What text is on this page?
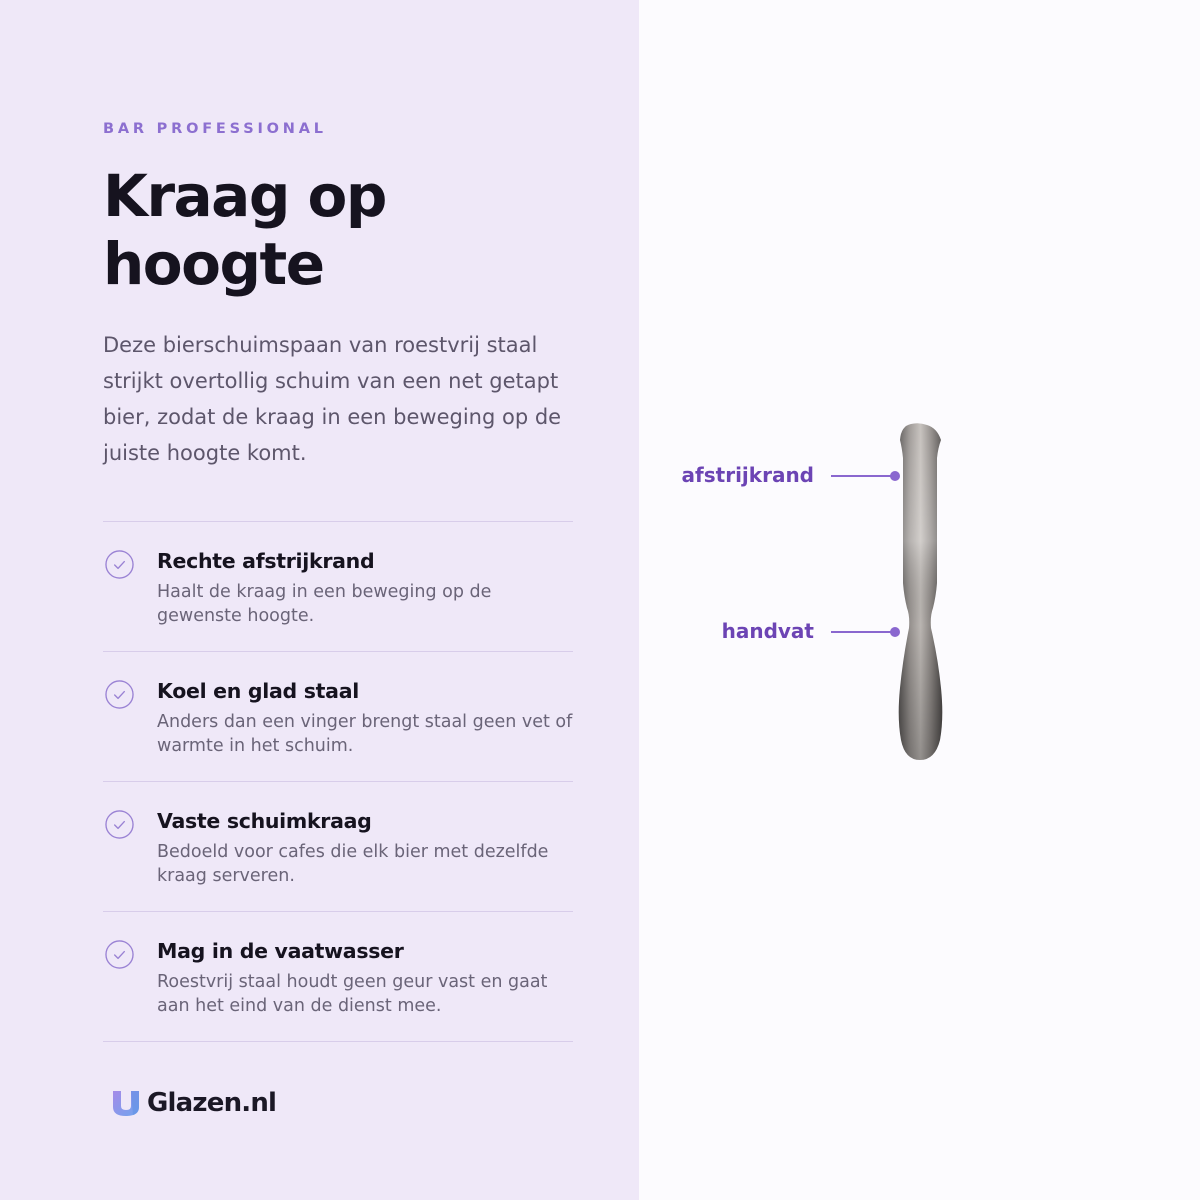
BAR PROFESSIONAL
Kraag op hoogte

Deze bierschuimspaan van roestvrij staal strijkt overtollig schuim van een net getapt bier, zodat de kraag in een beweging op de juiste hoogte komt.

Rechte afstrijkrand
Haalt de kraag in een beweging op de gewenste hoogte.
Koel en glad staal
Anders dan een vinger brengt staal geen vet of warmte in het schuim.
Vaste schuimkraag
Bedoeld voor cafes die elk bier met dezelfde kraag serveren.
Mag in de vaatwasser
Roestvrij staal houdt geen geur vast en gaat aan het eind van de dienst mee.
Glazen.nl
afstrijkrand
handvat
